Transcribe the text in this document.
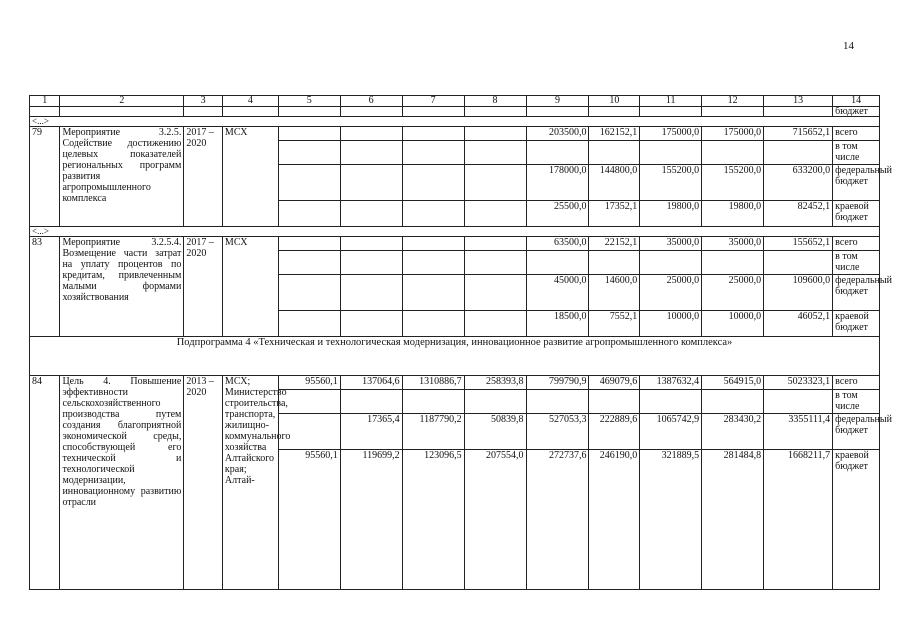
14
1	2	3	4	5	6	7	8	9	10	11	12	13	14
													бюджет
<...>													
79	Мероприятие 3.2.5. Содействие достижению целевых показателей региональных программ развития агропромышленного комплекса	2017 – 2020	МСХ					203500,0	162152,1	175000,0	175000,0	715652,1	всего
													в том числе
								178000,0	144800,0	155200,0	155200,0	633200,0	федеральный бюджет
								25500,0	17352,1	19800,0	19800,0	82452,1	краевой бюджет
<...>													
83	Мероприятие 3.2.5.4. Возмещение части затрат на уплату процентов по кредитам, привлеченным малыми формами хозяйствования	2017 – 2020	МСХ					63500,0	22152,1	35000,0	35000,0	155652,1	всего
													в том числе
								45000,0	14600,0	25000,0	25000,0	109600,0	федеральный бюджет
								18500,0	7552,1	10000,0	10000,0	46052,1	краевой бюджет
Подпрограмма 4 «Техническая и технологическая модернизация, инновационное развитие агропромышленного комплекса»													
84	Цель 4. Повышение эффективности сельскохозяйственного производства путем создания благоприятной экономической среды, способствующей его технической и технологической модернизации, инновационному развитию отрасли	2013 – 2020	МСХ; Министерство строительства, транспорта, жилищно-коммунального хозяйства Алтайского края; Алтай-	95560,1	137064,6	1310886,7	258393,8	799790,9	469079,6	1387632,4	564915,0	5023323,1	всего
													в том числе
					17365,4	1187790,2	50839,8	527053,3	222889,6	1065742,9	283430,2	3355111,4	федеральный бюджет
				95560,1	119699,2	123096,5	207554,0	272737,6	246190,0	321889,5	281484,8	1668211,7	краевой бюджет
